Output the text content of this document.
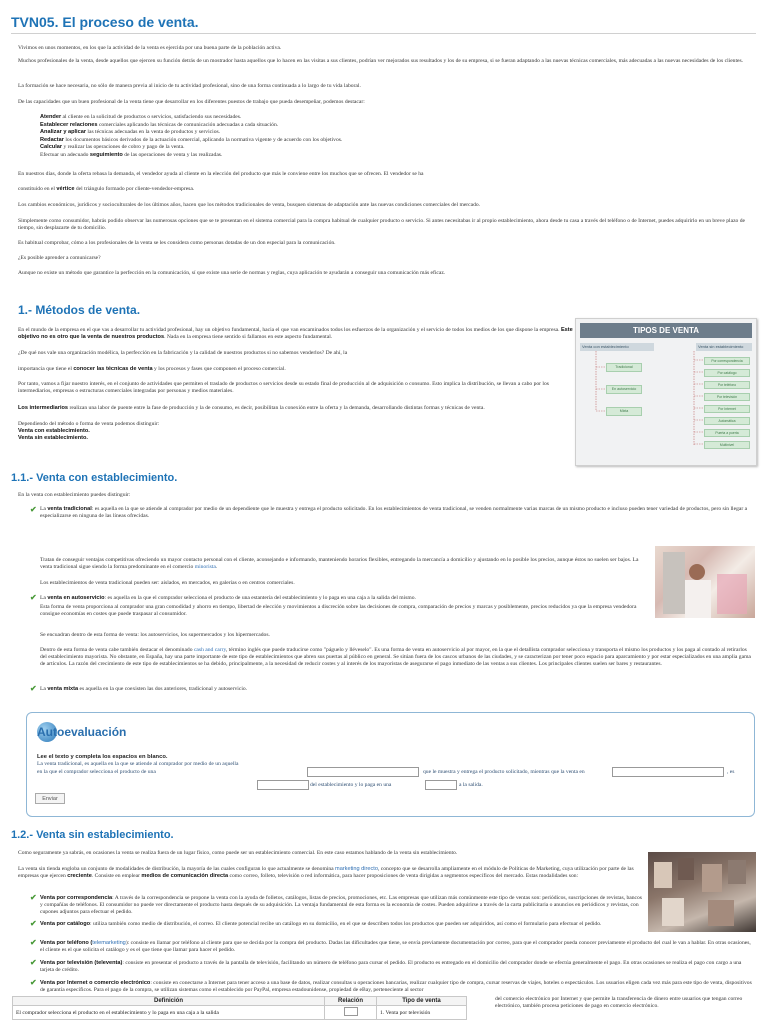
TVN05. El proceso de venta.
Vivimos en unos momentos, en los que la actividad de la venta es ejercida por una buena parte de la población activa.
Muchos profesionales de la venta, desde aquellos que ejercen su función detrás de un mostrador hasta aquellos que lo hacen en las visitas a sus clientes, podrían ver mejorados sus resultados y los de su empresa, si se fueran adaptando a las nuevas técnicas comerciales, más adecuadas a las nuevas necesidades de los clientes.
La formación se hace necesaria, no sólo de manera previa al inicio de tu actividad profesional, sino de una forma continuada a lo largo de tu vida laboral.
De las capacidades que un buen profesional de la venta tiene que desarrollar en los diferentes puestos de trabajo que pueda desempeñar, podemos destacar:
Atender al cliente en la solicitud de productos o servicios, satisfaciendo sus necesidades.
Establecer relaciones comerciales aplicando las técnicas de comunicación adecuadas a cada situación.
Analizar y aplicar las técnicas adecuadas en la venta de productos y servicios.
Redactar los documentos básicos derivados de la actuación comercial, aplicando la normativa vigente y de acuerdo con los objetivos.
Calcular y realizar las operaciones de cobro y pago de la venta.
Efectuar un adecuado seguimiento de las operaciones de venta y las realizadas.
En nuestros días, donde la oferta rebasa la demanda, el vendedor ayuda al cliente en la elección del producto que más le conviene entre los muchos que se ofrecen. El vendedor se ha
constituido en el vértice del triángulo formado por cliente-vendedor-empresa.
Los cambios económicos, jurídicos y socioculturales de los últimos años, hacen que los métodos tradicionales de venta, busquen sistemas de adaptación ante las nuevas condiciones comerciales del mercado.
Simplemente como consumidor, habrás podido observar las numerosas opciones que se te presentan en el sistema comercial para la compra habitual de cualquier producto o servicio. Si antes necesitabas ir al propio establecimiento, ahora desde tu casa a través del teléfono o de Internet, puedes adquirirlo en un breve plazo de tiempo, sin desplazarte de tu domicilio.
Es habitual comprobar, cómo a los profesionales de la venta se les considera como personas dotadas de un don especial para la comunicación.
¿Es posible aprender a comunicarse?
Aunque no existe un método que garantice la perfección en la comunicación, sí que existe una serie de normas y reglas, cuya aplicación te ayudarán a conseguir una comunicación más eficaz.
1.- Métodos de venta.
En el mundo de la empresa en el que vas a desarrollar tu actividad profesional, hay un objetivo fundamental, hacia el que van encaminados todos los esfuerzos de la organización y el servicio de todos los medios de los que dispone la empresa. Este objetivo no es otro que la venta de nuestros productos. Nada en la empresa tiene sentido si fallamos en este aspecto fundamental.
¿De qué nos vale una organización modélica, la perfección en la fabricación y la calidad de nuestros productos si no sabemos venderlos? De ahí, la
importancia que tiene el conocer las técnicas de venta y los procesos y fases que componen el proceso comercial.
Por tanto, vamos a fijar nuestro interés, en el conjunto de actividades que permiten el traslado de productos o servicios desde su estado final de producción al de adquisición o consumo. Esto implica la distribución, se llevan a cabo por los intermediarios, empresas o estructuras comerciales integradas por personas y medios materiales.
Los intermediarios realizan una labor de puente entre la fase de producción y la de consumo, es decir, posibilitan la conexión entre la oferta y la demanda, desarrollando distintas formas y técnicas de venta.
Dependiendo del método o forma de venta podemos distinguir:
Venta con establecimiento.
Venta sin establecimiento.
TIPOS DE VENTA
Venta con establecimiento	Venta sin establecimiento
Tradicional
En autoservicio
Mixta
Por correspondencia
Por catálogo
Por teléfono
Por televisión
Por Internet
Automática
Puerta a puerta
Multinivel
1.1.- Venta con establecimiento.
En la venta con establecimiento puedes distinguir:
✔ La venta tradicional: es aquella en la que se atiende al comprador por medio de un dependiente que le muestra y entrega el producto solicitado. En los establecimientos de venta tradicional, se venden normalmente varias marcas de un mismo producto e incluso pueden tener variedad de productos, pero sin llegar a especializarse en ninguna de las líneas ofrecidas.
Tratan de conseguir ventajas competitivas ofreciendo un mayor contacto personal con el cliente, aconsejando e informando, manteniendo horarios flexibles, entregando la mercancía a domicilio y ajustando en lo posible los precios, aunque éstos no suelen ser bajos. La venta tradicional sigue siendo la forma predominante en el comercio minorista.
Los establecimientos de venta tradicional pueden ser: aislados, en mercados, en galerías o en centros comerciales.
✔ La venta en autoservicio: es aquella en la que el comprador selecciona el producto de una estantería del establecimiento y lo paga en una caja a la salida del mismo.
Esta forma de venta proporciona al comprador una gran comodidad y ahorro en tiempo, libertad de elección y movimientos a discreción sobre las decisiones de compra, comparación de precios y marcas y posiblemente, precios reducidos ya que la empresa vendedora consigue economías en costes que puede traspasar al consumidor.
Se encuadran dentro de esta forma de venta: los autoservicios, los supermercados y los hipermercados.
Dentro de esta forma de venta cabe también destacar el denominado cash and carry, término inglés que puede traducirse como "páguelo y lléveselo". Es una forma de venta en autoservicio al por mayor, en la que el detallista comprador selecciona y transporta el mismo los productos y los paga al contado al retirarlos del establecimiento mayorista. No obstante, en España, hay una parte importante de este tipo de establecimientos que abren sus puertas al público en general. Se sitúan fuera de los cascos urbanos de las ciudades, y se caracterizan por tener poco espacio para aparcamiento y por estar especializados en una amplia gama de artículos. La razón del crecimiento de este tipo de establecimientos se ha debido, principalmente, a la necesidad de reducir costes y al interés de los mayoristas de asegurarse el pago inmediato de las ventas a sus clientes. Los principales clientes suelen ser bares y restaurantes.
✔ La venta mixta es aquella en la que coexisten las dos anteriores, tradicional y autoservicio.
Autoevaluación
Lee el texto y completa los espacios en blanco.
La venta tradicional, es aquella en la que se atiende al comprador por medio de un aquella
en la que el comprador selecciona el producto de una	que le muestra y entrega el producto solicitado, mientras que la venta en	, es
del establecimiento y lo paga en una	a la salida.
Enviar
1.2.- Venta sin establecimiento.
Como seguramente ya sabrás, en ocasiones la venta se realiza fuera de un lugar físico, como puede ser un establecimiento comercial. En este caso estamos hablando de la venta sin establecimiento.
La venta sin tienda engloba un conjunto de modalidades de distribución, la mayoría de las cuales configuran lo que actualmente se denomina marketing directo, concepto que se desarrolla ampliamente en el módulo de Políticas de Marketing, cuya utilización por parte de las empresas que ejercen creciente. Consiste en emplear medios de comunicación directa como correo, folleto, televisión o red informática, para hacer proposiciones de venta dirigidas a segmentos específicos del mercado. Estas modalidades son:
✔ Venta por correspondencia: A través de la correspondencia se propone la venta con la ayuda de folletos, catálogos, listas de precios, promociones, etc. Las empresas que utilizan más comúnmente este tipo de ventas son: periódicos, suscripciones de revistas, bancos y compañías de teléfonos. El consumidor no puede ver directamente el producto hasta después de su adquisición. La ventaja fundamental de esta forma es la economía de costes. Pueden adquirirse a través de la carta publicitaria o anuncios en periódicos y revistas, con cupones adjuntos para efectuar el pedido.
✔ Venta por catálogo: utiliza también como medio de distribución, el correo. El cliente potencial recibe un catálogo en su domicilio, en el que se describen todos los productos que pueden ser adquiridos, así como el formulario para efectuar el pedido.
✔ Venta por teléfono (telemarketing): consiste en llamar por teléfono al cliente para que se decida por la compra del producto. Dadas las dificultades que tiene, se envía previamente documentación por correo, para que el comprador pueda conocer previamente el producto del cual le van a hablar. En otras ocasiones, el cliente es el que solicita el catálogo y es el que tiene que llamar para hacer el pedido.
✔ Venta por televisión (televenta): consiste en presentar el producto a través de la pantalla de televisión, facilitando un número de teléfono para cursar el pedido. El producto es entregado en el domicilio del comprador donde se efectúa generalmente el pago. En otras ocasiones se realiza el pago con cargo a una tarjeta de crédito.
✔ Venta por Internet o comercio electrónico: consiste en conectarse a Internet para tener acceso a una base de datos, realizar consultas u operaciones bancarias, realizar cualquier tipo de compra, cursar reservas de viajes, hoteles o espectáculos. Los usuarios eligen cada vez más para este tipo de venta, dispositivos de garantía específicos. Para el pago de la compra, se utilizan sistemas como el establecido por PayPal, empresa estadounidense, propiedad de eBay, perteneciente al sector
Definición	Relación	Tipo de venta
El comprador selecciona el producto en el establecimiento y lo paga en una caja a la salida		1. Venta por televisión
del comercio electrónico por Internet y que permite la transferencia de dinero entre usuarios que tengan correo electrónico, también procesa peticiones de pago en comercio electrónico.
